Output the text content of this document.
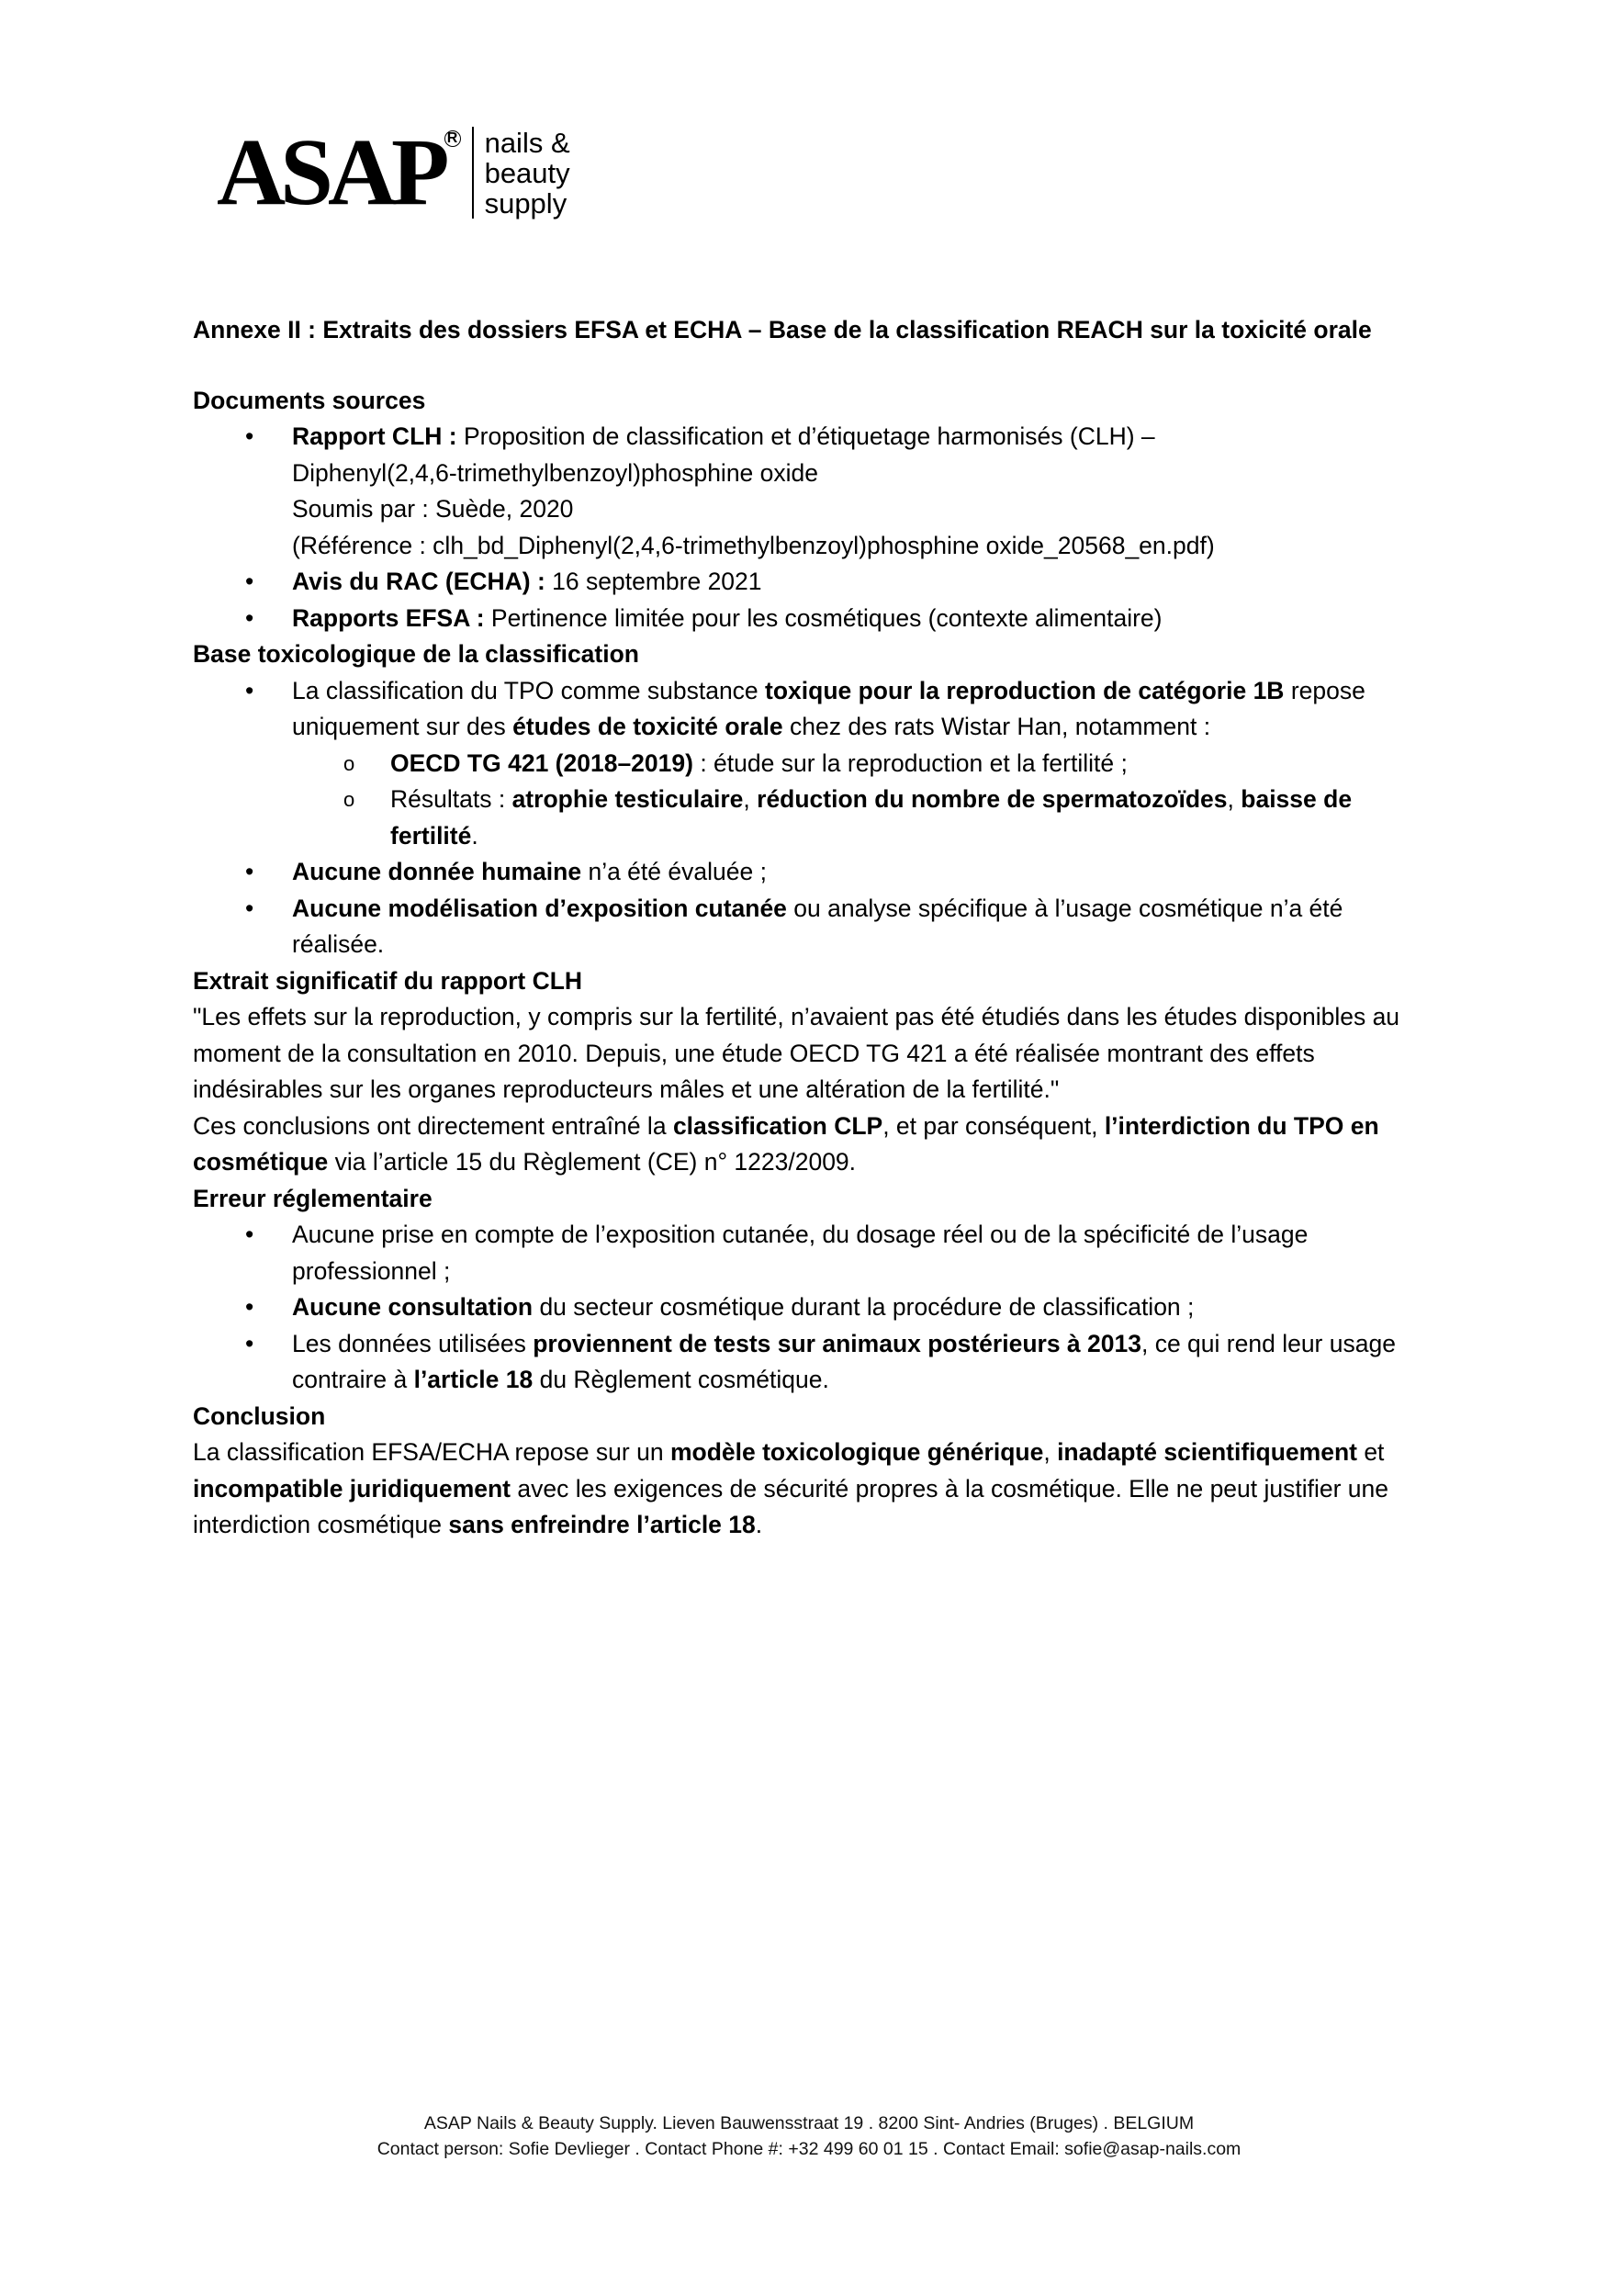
ASAP R nails &
beauty
supply

Annexe II : Extraits des dossiers EFSA et ECHA – Base de la classification REACH sur la toxicité orale

Documents sources

• Rapport CLH : Proposition de classification et d’étiquetage harmonisés (CLH) –
Diphenyl(2,4,6-trimethylbenzoyl)phosphine oxide
Soumis par : Suède, 2020
(Référence : clh_bd_Diphenyl(2,4,6-trimethylbenzoyl)phosphine oxide_20568_en.pdf)
• Avis du RAC (ECHA) : 16 septembre 2021
• Rapports EFSA : Pertinence limitée pour les cosmétiques (contexte alimentaire)

Base toxicologique de la classification

• La classification du TPO comme substance toxique pour la reproduction de catégorie 1B repose uniquement sur des études de toxicité orale chez des rats Wistar Han, notamment :
o OECD TG 421 (2018–2019) : étude sur la reproduction et la fertilité ;
o Résultats : atrophie testiculaire, réduction du nombre de spermatozoïdes, baisse de fertilité.
• Aucune donnée humaine n’a été évaluée ;
• Aucune modélisation d’exposition cutanée ou analyse spécifique à l’usage cosmétique n’a été réalisée.

Extrait significatif du rapport CLH

"Les effets sur la reproduction, y compris sur la fertilité, n’avaient pas été étudiés dans les études disponibles au moment de la consultation en 2010. Depuis, une étude OECD TG 421 a été réalisée montrant des effets indésirables sur les organes reproducteurs mâles et une altération de la fertilité."

Ces conclusions ont directement entraîné la classification CLP, et par conséquent, l’interdiction du TPO en cosmétique via l’article 15 du Règlement (CE) n° 1223/2009.

Erreur réglementaire

• Aucune prise en compte de l’exposition cutanée, du dosage réel ou de la spécificité de l’usage professionnel ;
• Aucune consultation du secteur cosmétique durant la procédure de classification ;
• Les données utilisées proviennent de tests sur animaux postérieurs à 2013, ce qui rend leur usage contraire à l’article 18 du Règlement cosmétique.

Conclusion

La classification EFSA/ECHA repose sur un modèle toxicologique générique, inadapté scientifiquement et incompatible juridiquement avec les exigences de sécurité propres à la cosmétique. Elle ne peut justifier une interdiction cosmétique sans enfreindre l’article 18.

ASAP Nails & Beauty Supply. Lieven Bauwensstraat 19 . 8200 Sint- Andries (Bruges) . BELGIUM
Contact person: Sofie Devlieger . Contact Phone #: +32 499 60 01 15 . Contact Email: sofie@asap-nails.com
